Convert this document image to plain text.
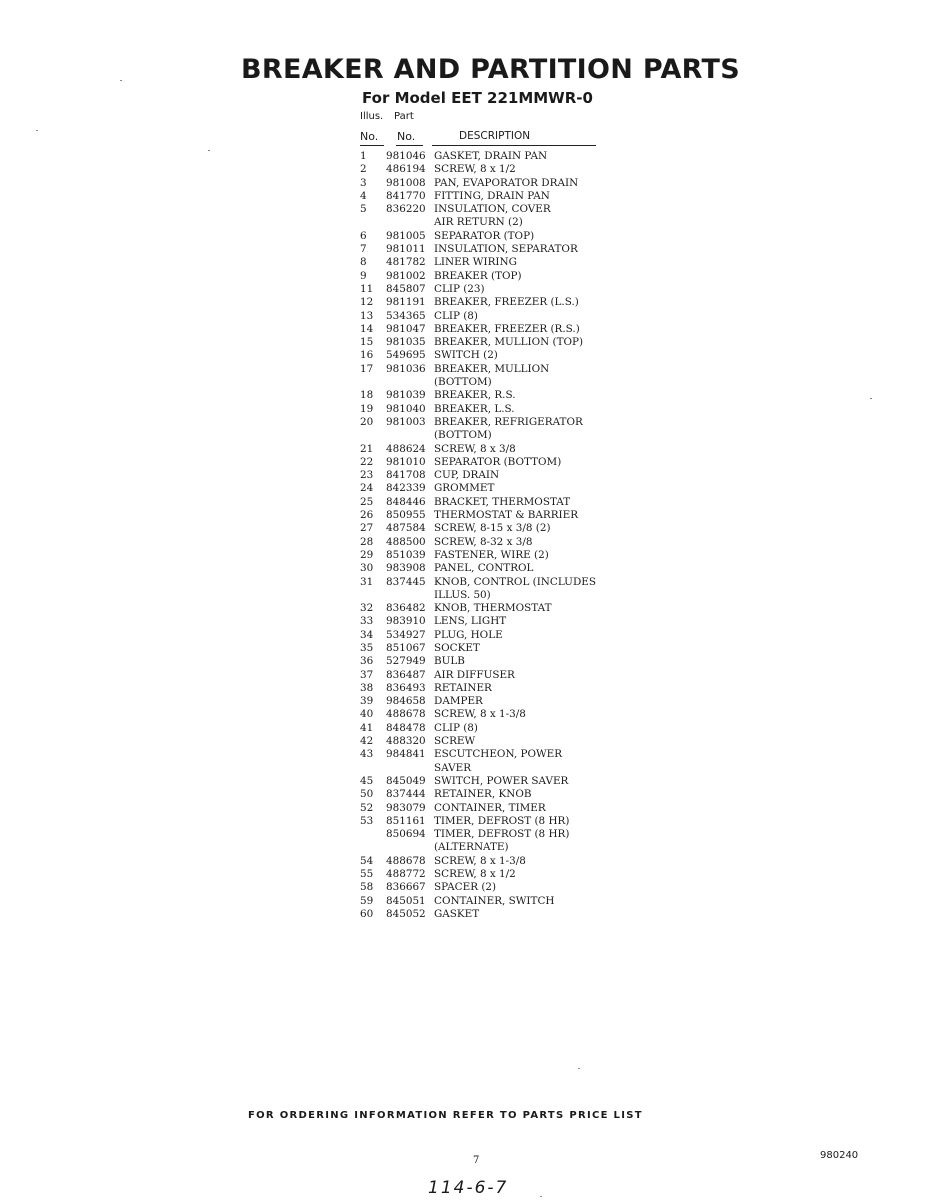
BREAKER AND PARTITION PARTS
For Model EET 221MMWR-0
Illus. Part
No. No.	DESCRIPTION
1	981046 GASKET, DRAIN PAN
2	486194 SCREW, 8 x 1/2
3	981008 PAN, EVAPORATOR DRAIN
4	841770 FITTING, DRAIN PAN
5	836220 INSULATION, COVER
AIR RETURN (2)
6	981005 SEPARATOR (TOP)
7	981011 INSULATION, SEPARATOR
8	481782 LINER WIRING
9	981002 BREAKER (TOP)
11	845807 CLIP (23)
12	981191 BREAKER, FREEZER (L.S.)
13	534365 CLIP (8)
14	981047 BREAKER, FREEZER (R.S.)
15	981035 BREAKER, MULLION (TOP)
16	549695 SWITCH (2)
17	981036 BREAKER, MULLION
(BOTTOM)
18	981039 BREAKER, R.S.
19	981040 BREAKER, L.S.
20	981003 BREAKER, REFRIGERATOR
(BOTTOM)
21	488624 SCREW, 8 x 3/8
22	981010 SEPARATOR (BOTTOM)
23	841708 CUP, DRAIN
24	842339 GROMMET
25	848446 BRACKET, THERMOSTAT
26	850955 THERMOSTAT & BARRIER
27	487584 SCREW, 8-15 x 3/8 (2)
28	488500 SCREW, 8-32 x 3/8
29	851039 FASTENER, WIRE (2)
30	983908 PANEL, CONTROL
31	837445 KNOB, CONTROL (INCLUDES
ILLUS. 50)
32	836482 KNOB, THERMOSTAT
33	983910 LENS, LIGHT
34	534927 PLUG, HOLE
35	851067 SOCKET
36	527949 BULB
37	836487 AIR DIFFUSER
38	836493 RETAINER
39	984658 DAMPER
40	488678 SCREW, 8 x 1-3/8
41	848478 CLIP (8)
42	488320 SCREW
43	984841 ESCUTCHEON, POWER
SAVER
45	845049 SWITCH, POWER SAVER
50	837444 RETAINER, KNOB
52	983079 CONTAINER, TIMER
53	851161 TIMER, DEFROST (8 HR)
850694 TIMER, DEFROST (8 HR)
(ALTERNATE)
54	488678 SCREW, 8 x 1-3/8
55	488772 SCREW, 8 x 1/2
58	836667 SPACER (2)
59	845051 CONTAINER, SWITCH
60	845052 GASKET
FOR ORDERING INFORMATION REFER TO PARTS PRICE LIST
7	980240
114-6-7
